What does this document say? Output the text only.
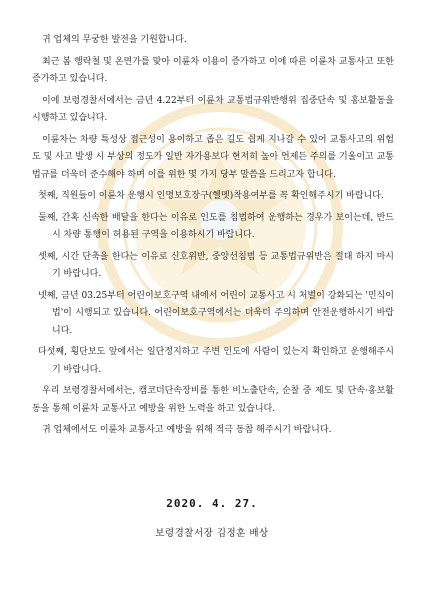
귀 업체의 무궁한 발전을 기원합니다.

최근 봄 행락철 및 온면가를 맞아 이륜차 이용이 증가하고 이에 따른 이륜차 교통사고 또한 증가하고 있습니다.

이에 보령경찰서에서는 금년 4.22부터 이륜차 교통법규위반행위 집중단속 및 홍보활동을 시행하고 있습니다.

이륜차는 차량 특성상 접근성이 용이하고 좁은 길도 쉽게 지나갈 수 있어 교통사고의 위험도 및 사고 발생 시 부상의 정도가 일반 자가용보다 현저히 높아 언제든 주의를 기울이고 교통법규를 더욱더 준수해야 하며 이를 위한 몇 가지 당부 말씀을 드리고자 합니다.

첫째, 직원들이 이륜차 운행시 인명보호장구(헬멧)착용여부를 꼭 확인해주시기 바랍니다.

둘째, 간혹 신속한 배달을 한다는 이유로 인도를 침범하여 운행하는 경우가 보이는데, 반드시 차량 통행이 허용된 구역을 이용하시기 바랍니다.

셋째, 시간 단축을 한다는 이유로 신호위반, 중앙선침범 등 교통법규위반은 절대 하지 마시기 바랍니다.

넷째, 금년 03.25부터 어린이보호구역 내에서 어린이 교통사고 시 처벌이 강화되는 '민식이법'이 시행되고 있습니다. 어린이보호구역에서는 더욱더 주의하며 안전운행하시기 바랍니다.

다섯째, 횡단보도 앞에서는 일단정지하고 주변 인도에 사람이 있는지 확인하고 운행해주시기 바랍니다.

우리 보령경찰서에서는, 캠코더단속장비를 통한 비노출단속, 순찰 중 제도 및 단속·홍보활동을 통해 이륜차 교통사고 예방을 위한 노력을 하고 있습니다.

귀 업체에서도 이륜차 교통사고 예방을 위해 적극 동참 해주시기 바랍니다.

2020. 4. 27.
보령경찰서장 김정훈 배상
